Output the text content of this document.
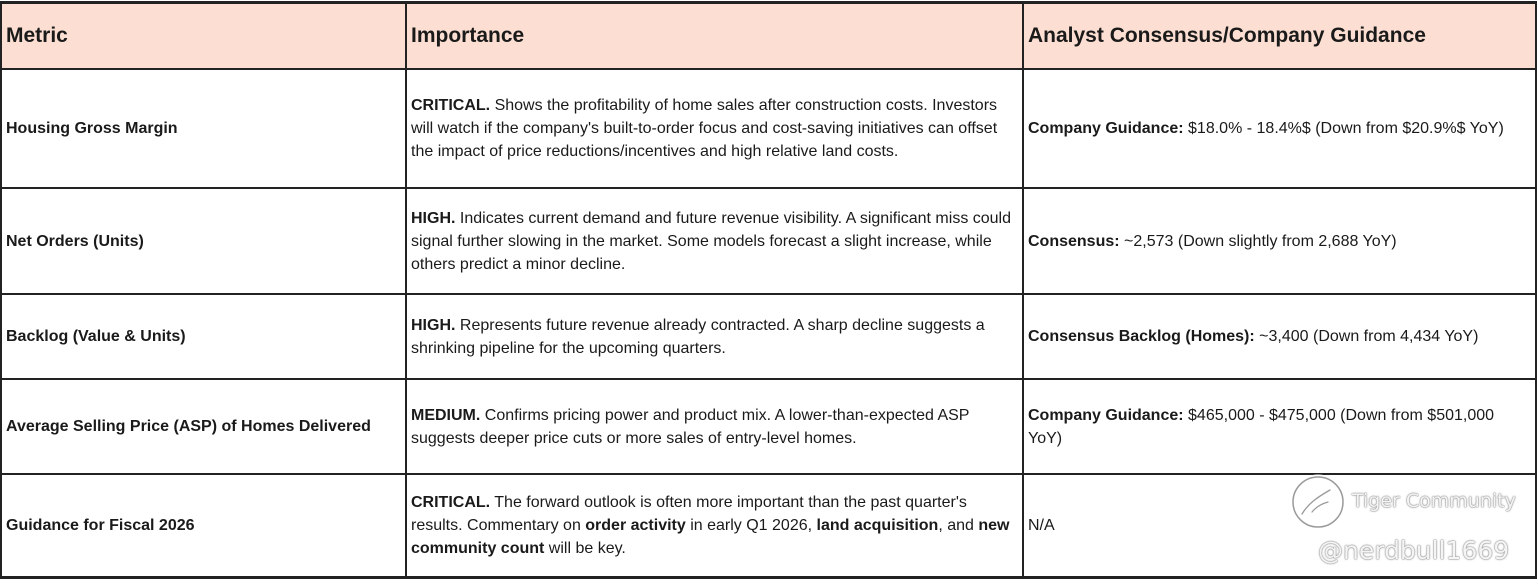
Metric	Importance	Analyst Consensus/Company Guidance
Housing Gross Margin	CRITICAL. Shows the profitability of home sales after construction costs. Investors will watch if the company's built-to-order focus and cost-saving initiatives can offset the impact of price reductions/incentives and high relative land costs.	Company Guidance: $18.0% - 18.4%$ (Down from $20.9%$ YoY)
Net Orders (Units)	HIGH. Indicates current demand and future revenue visibility. A significant miss could signal further slowing in the market. Some models forecast a slight increase, while others predict a minor decline.	Consensus: ~2,573 (Down slightly from 2,688 YoY)
Backlog (Value & Units)	HIGH. Represents future revenue already contracted. A sharp decline suggests a shrinking pipeline for the upcoming quarters.	Consensus Backlog (Homes): ~3,400 (Down from 4,434 YoY)
Average Selling Price (ASP) of Homes Delivered	MEDIUM. Confirms pricing power and product mix. A lower-than-expected ASP suggests deeper price cuts or more sales of entry-level homes.	Company Guidance: $465,000 - $475,000 (Down from $501,000 YoY)
Guidance for Fiscal 2026	CRITICAL. The forward outlook is often more important than the past quarter's results. Commentary on order activity in early Q1 2026, land acquisition, and new community count will be key.	N/A
Tiger Community
@nerdbull1669
